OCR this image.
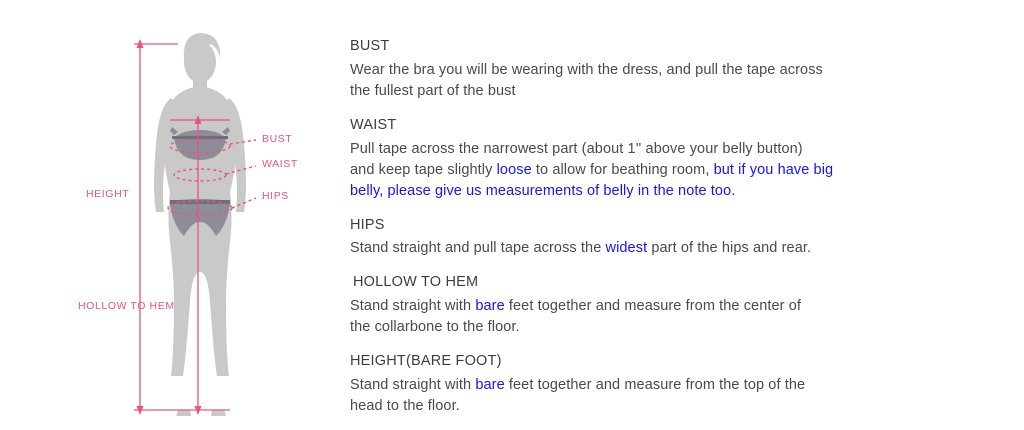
BUST
WAIST
HIPS
HEIGHT
HOLLOW TO HEM
BUST
Wear the bra you will be wearing with the dress, and pull the tape across
the fullest part of the bust
WAIST
Pull tape across the narrowest part (about 1'' above your belly button)
and keep tape slightly loose to allow for beathing room, but if you have big
belly, please give us measurements of belly in the note too.
HIPS
Stand straight and pull tape across the widest part of the hips and rear.
HOLLOW TO HEM
Stand straight with bare feet together and measure from the center of
the collarbone to the floor.
HEIGHT(BARE FOOT)
Stand straight with bare feet together and measure from the top of the
head to the floor.
